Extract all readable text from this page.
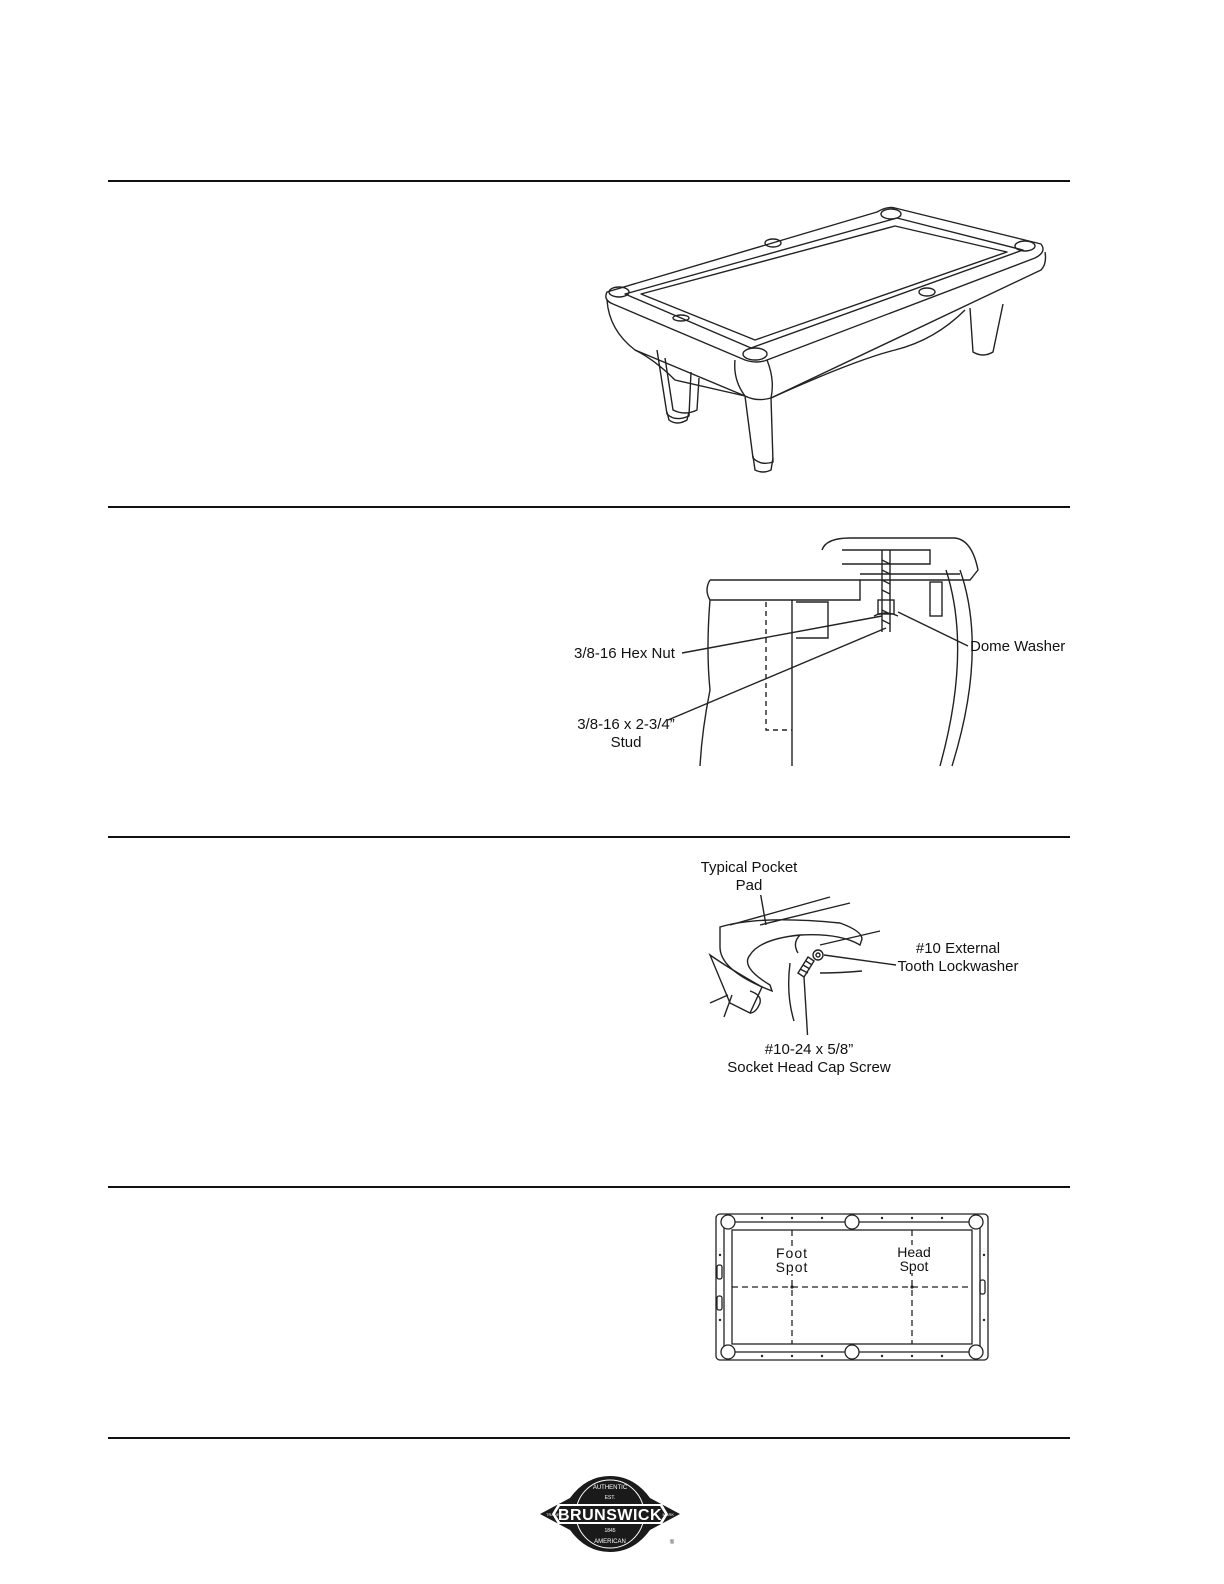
3/8-16 Hex Nut	Dome Washer
3/8-16 x 2-3/4”
Stud
Typical Pocket
Pad
#10 External
Tooth Lockwasher
#10-24 x 5/8”
Socket Head Cap Screw
Foot
Spot
Head
Spot
BRUNSWICK
AUTHENTIC
EST.
TRADE	MARK
1845
AMERICAN	®
